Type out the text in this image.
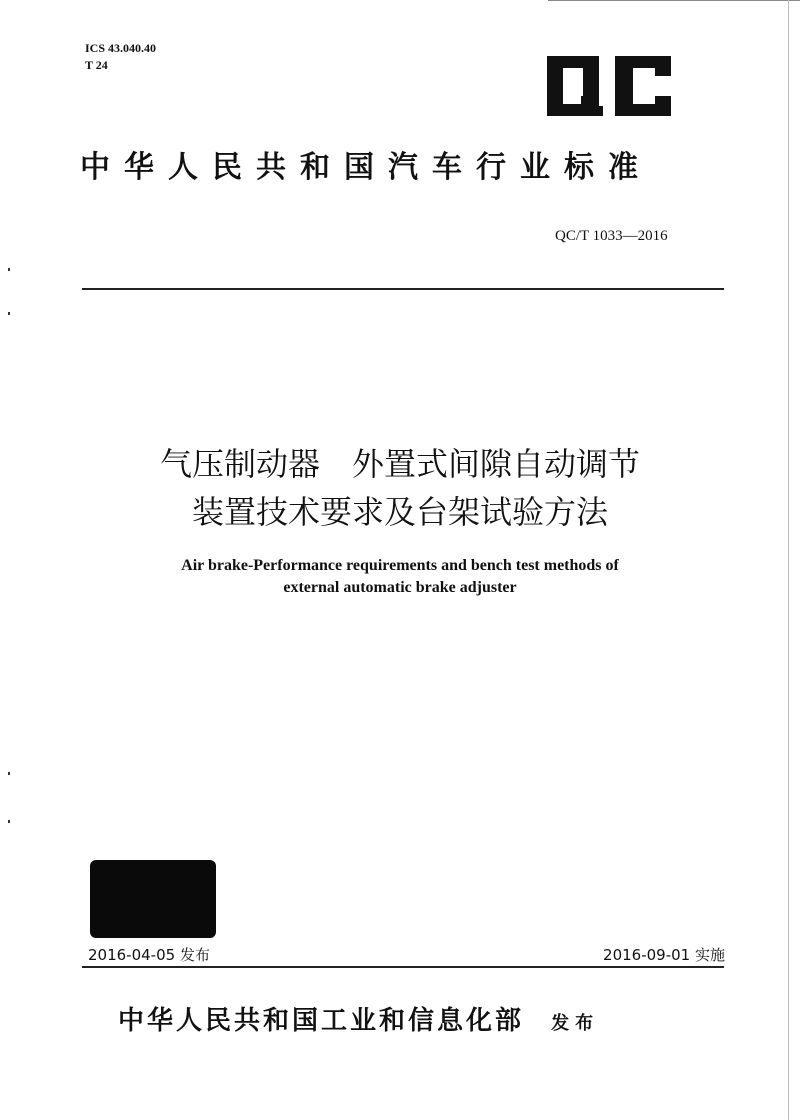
ICS 43.040.40
T 24
中华人民共和国汽车行业标准
QC/T 1033—2016
气压制动器　外置式间隙自动调节
装置技术要求及台架试验方法
Air brake-Performance requirements and bench test methods of
external automatic brake adjuster
2016-04-05 发布	2016-09-01 实施
中华人民共和国工业和信息化部 发布
